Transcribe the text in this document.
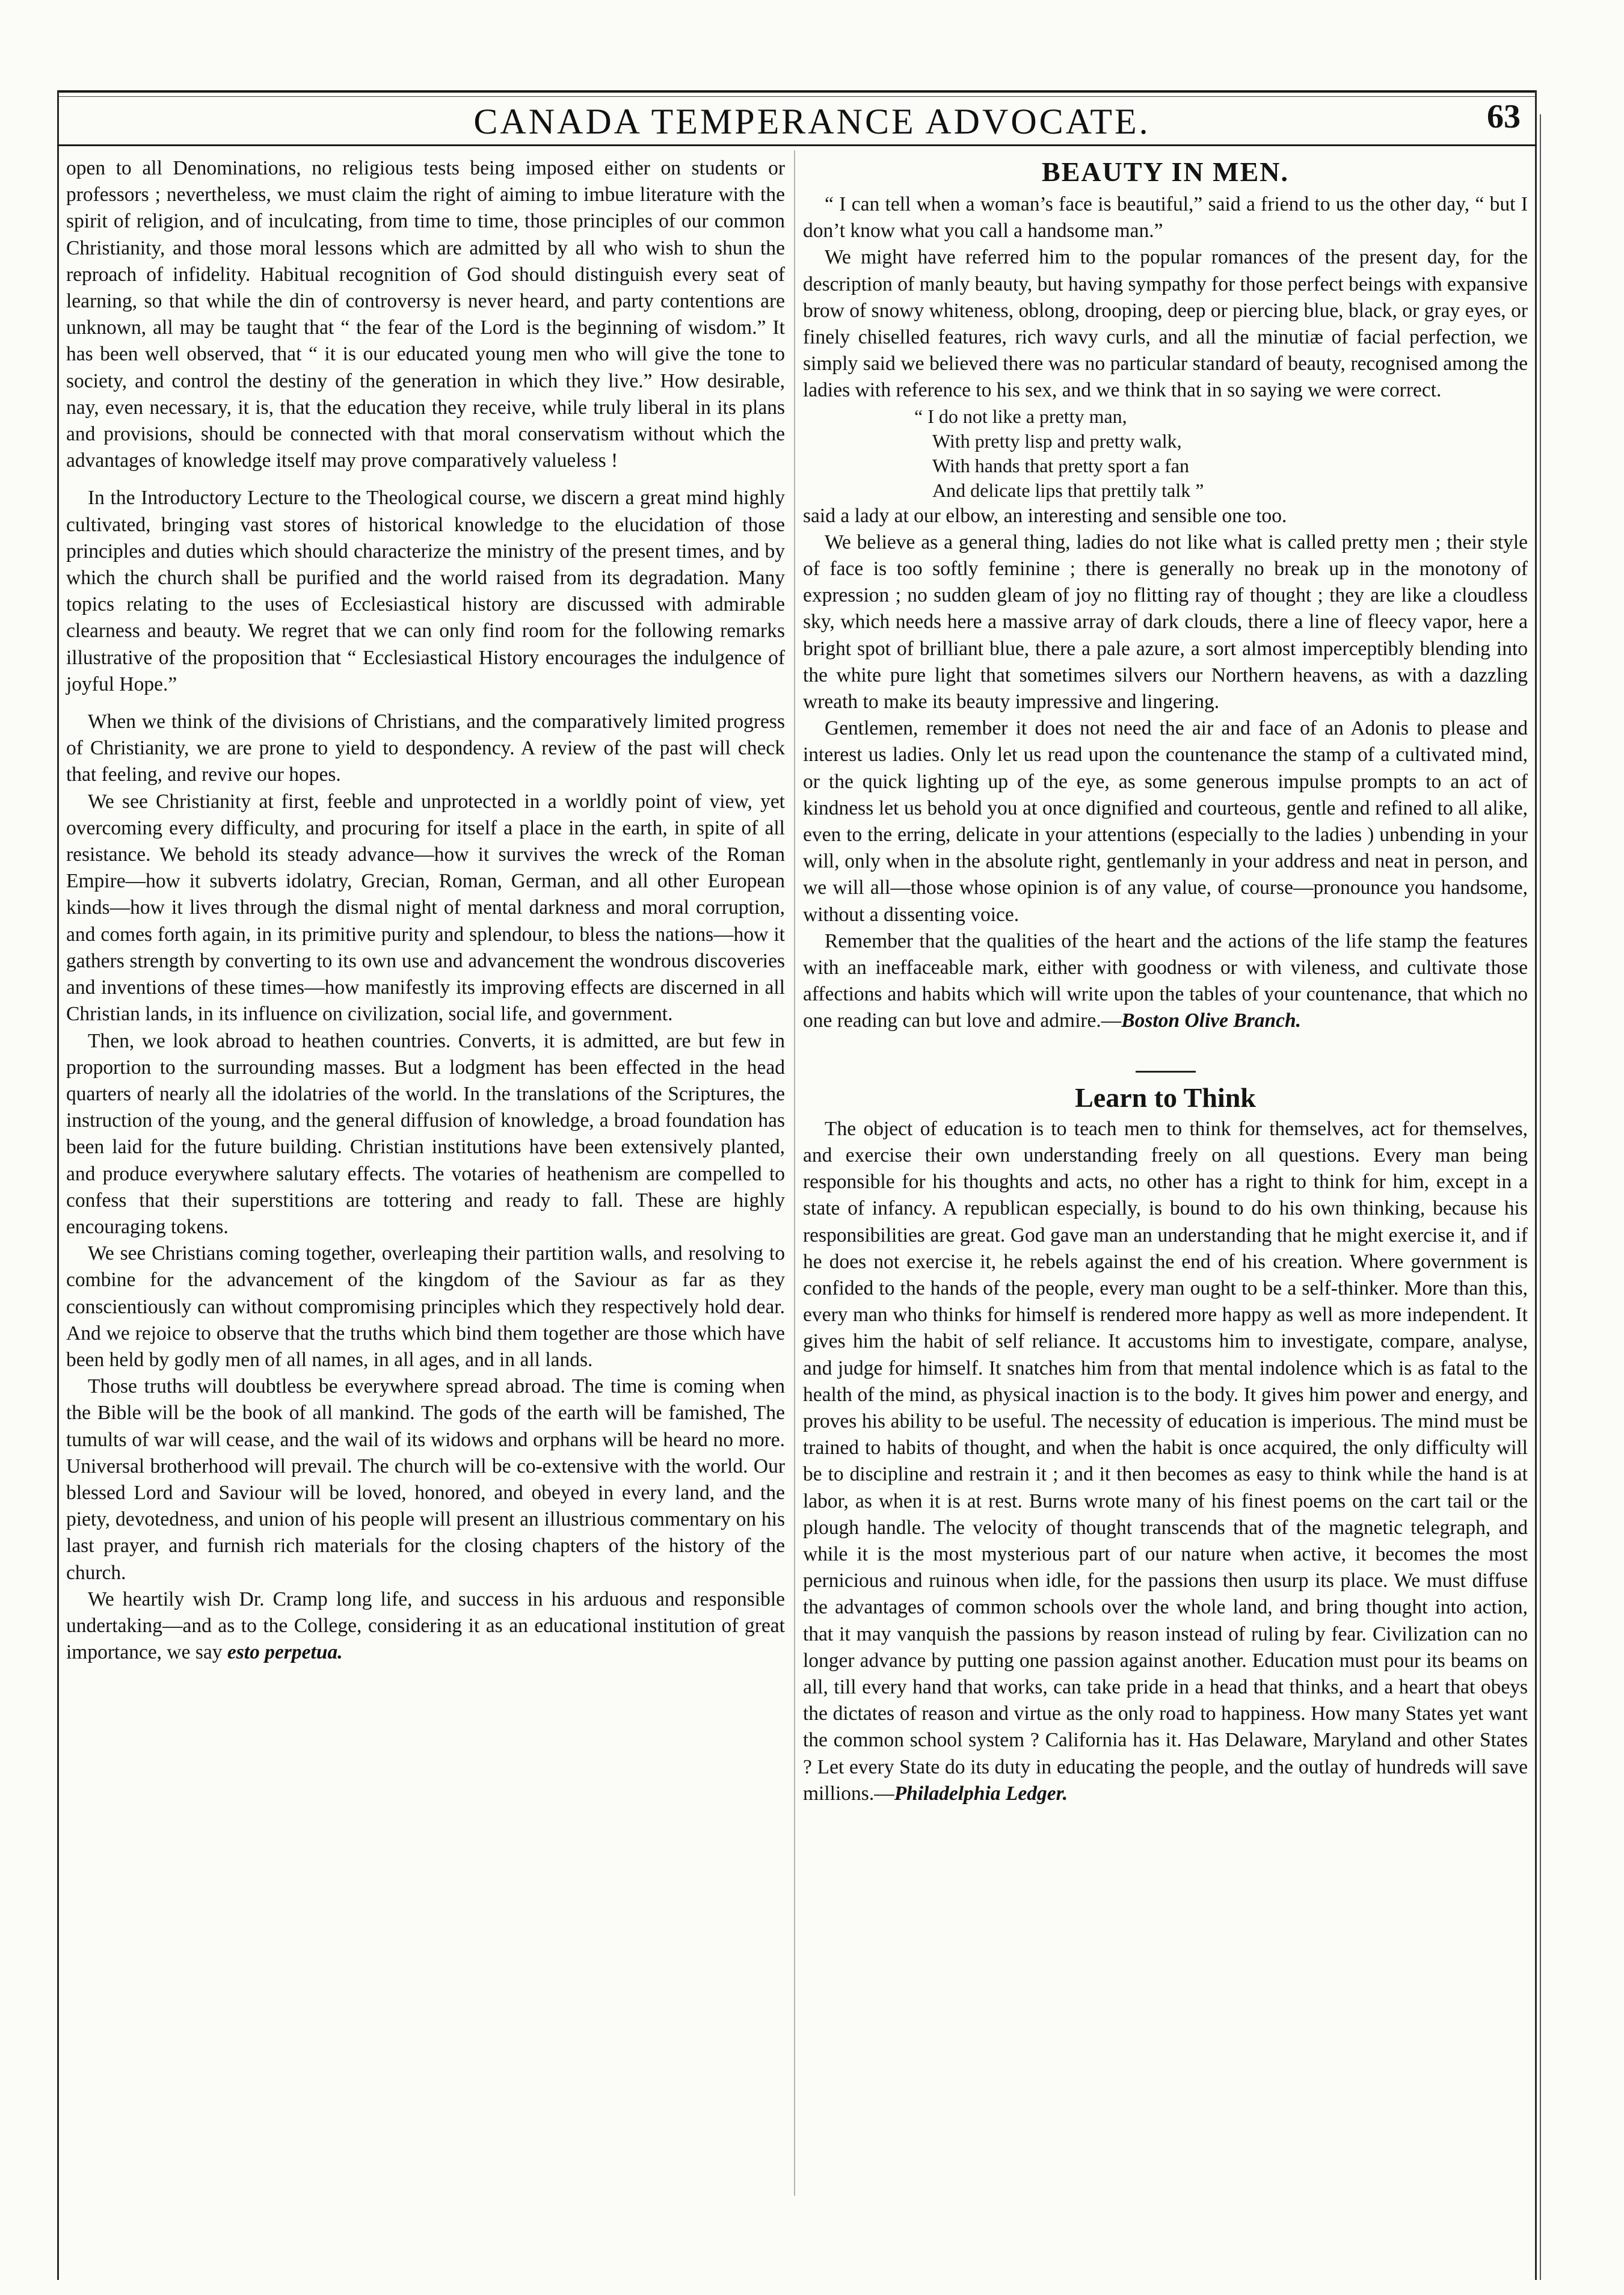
CANADA TEMPERANCE ADVOCATE.	63

open to all Denominations, no religious tests being imposed either on students or professors ; nevertheless, we must claim the right of aiming to imbue literature with the spirit of religion, and of inculcating, from time to time, those principles of our common Christianity, and those moral lessons which are admitted by all who wish to shun the reproach of infidelity. Habitual recognition of God should distinguish every seat of learning, so that while the din of controversy is never heard, and party contentions are unknown, all may be taught that “ the fear of the Lord is the beginning of wisdom.” It has been well observed, that “ it is our educated young men who will give the tone to society, and control the destiny of the generation in which they live.” How desirable, nay, even necessary, it is, that the education they receive, while truly liberal in its plans and provisions, should be connected with that moral conservatism without which the advantages of knowledge itself may prove comparatively valueless !

In the Introductory Lecture to the Theological course, we discern a great mind highly cultivated, bringing vast stores of historical knowledge to the elucidation of those principles and duties which should characterize the ministry of the present times, and by which the church shall be purified and the world raised from its degradation. Many topics relating to the uses of Ecclesiastical history are discussed with admirable clearness and beauty. We regret that we can only find room for the following remarks illustrative of the proposition that “ Ecclesiastical History encourages the indulgence of joyful Hope.”

When we think of the divisions of Christians, and the comparatively limited progress of Christianity, we are prone to yield to despondency. A review of the past will check that feeling, and revive our hopes.

We see Christianity at first, feeble and unprotected in a worldly point of view, yet overcoming every difficulty, and procuring for itself a place in the earth, in spite of all resistance. We behold its steady advance—how it survives the wreck of the Roman Empire—how it subverts idolatry, Grecian, Roman, German, and all other European kinds—how it lives through the dismal night of mental darkness and moral corruption, and comes forth again, in its primitive purity and splendour, to bless the nations—how it gathers strength by converting to its own use and advancement the wondrous discoveries and inventions of these times—how manifestly its improving effects are discerned in all Christian lands, in its influence on civilization, social life, and government.

Then, we look abroad to heathen countries. Converts, it is admitted, are but few in proportion to the surrounding masses. But a lodgment has been effected in the head quarters of nearly all the idolatries of the world. In the translations of the Scriptures, the instruction of the young, and the general diffusion of knowledge, a broad foundation has been laid for the future building. Christian institutions have been extensively planted, and produce everywhere salutary effects. The votaries of heathenism are compelled to confess that their superstitions are tottering and ready to fall. These are highly encouraging tokens.

We see Christians coming together, overleaping their partition walls, and resolving to combine for the advancement of the kingdom of the Saviour as far as they conscientiously can without compromising principles which they respectively hold dear. And we rejoice to observe that the truths which bind them together are those which have been held by godly men of all names, in all ages, and in all lands.

Those truths will doubtless be everywhere spread abroad. The time is coming when the Bible will be the book of all mankind. The gods of the earth will be famished, The tumults of war will cease, and the wail of its widows and orphans will be heard no more. Universal brotherhood will prevail. The church will be co-extensive with the world. Our blessed Lord and Saviour will be loved, honored, and obeyed in every land, and the piety, devotedness, and union of his people will present an illustrious commentary on his last prayer, and furnish rich materials for the closing chapters of the history of the church.

We heartily wish Dr. Cramp long life, and success in his arduous and responsible undertaking—and as to the College, considering it as an educational institution of great importance, we say esto perpetua.

BEAUTY IN MEN.

“ I can tell when a woman’s face is beautiful,” said a friend to us the other day, “ but I don’t know what you call a handsome man.”

We might have referred him to the popular romances of the present day, for the description of manly beauty, but having sympathy for those perfect beings with expansive brow of snowy whiteness, oblong, drooping, deep or piercing blue, black, or gray eyes, or finely chiselled features, rich wavy curls, and all the minutiæ of facial perfection, we simply said we believed there was no particular standard of beauty, recognised among the ladies with reference to his sex, and we think that in so saying we were correct.

“ I do not like a pretty man,
With pretty lisp and pretty walk,
With hands that pretty sport a fan
And delicate lips that prettily talk ”

said a lady at our elbow, an interesting and sensible one too.

We believe as a general thing, ladies do not like what is called pretty men ; their style of face is too softly feminine ; there is generally no break up in the monotony of expression ; no sudden gleam of joy no flitting ray of thought ; they are like a cloudless sky, which needs here a massive array of dark clouds, there a line of fleecy vapor, here a bright spot of brilliant blue, there a pale azure, a sort almost imperceptibly blending into the white pure light that sometimes silvers our Northern heavens, as with a dazzling wreath to make its beauty impressive and lingering.

Gentlemen, remember it does not need the air and face of an Adonis to please and interest us ladies. Only let us read upon the countenance the stamp of a cultivated mind, or the quick lighting up of the eye, as some generous impulse prompts to an act of kindness let us behold you at once dignified and courteous, gentle and refined to all alike, even to the erring, delicate in your attentions (especially to the ladies ) unbending in your will, only when in the absolute right, gentlemanly in your address and neat in person, and we will all—those whose opinion is of any value, of course—pronounce you handsome, without a dissenting voice.

Remember that the qualities of the heart and the actions of the life stamp the features with an ineffaceable mark, either with goodness or with vileness, and cultivate those affections and habits which will write upon the tables of your countenance, that which no one reading can but love and admire.—Boston Olive Branch.

Learn to Think

The object of education is to teach men to think for themselves, act for themselves, and exercise their own understanding freely on all questions. Every man being responsible for his thoughts and acts, no other has a right to think for him, except in a state of infancy. A republican especially, is bound to do his own thinking, because his responsibilities are great. God gave man an understanding that he might exercise it, and if he does not exercise it, he rebels against the end of his creation. Where government is confided to the hands of the people, every man ought to be a self-thinker. More than this, every man who thinks for himself is rendered more happy as well as more independent. It gives him the habit of self reliance. It accustoms him to investigate, compare, analyse, and judge for himself. It snatches him from that mental indolence which is as fatal to the health of the mind, as physical inaction is to the body. It gives him power and energy, and proves his ability to be useful. The necessity of education is imperious. The mind must be trained to habits of thought, and when the habit is once acquired, the only difficulty will be to discipline and restrain it ; and it then becomes as easy to think while the hand is at labor, as when it is at rest. Burns wrote many of his finest poems on the cart tail or the plough handle. The velocity of thought transcends that of the magnetic telegraph, and while it is the most mysterious part of our nature when active, it becomes the most pernicious and ruinous when idle, for the passions then usurp its place. We must diffuse the advantages of common schools over the whole land, and bring thought into action, that it may vanquish the passions by reason instead of ruling by fear. Civilization can no longer advance by putting one passion against another. Education must pour its beams on all, till every hand that works, can take pride in a head that thinks, and a heart that obeys the dictates of reason and virtue as the only road to happiness. How many States yet want the common school system ? California has it. Has Delaware, Maryland and other States ? Let every State do its duty in educating the people, and the outlay of hundreds will save millions.—Philadelphia Ledger.
